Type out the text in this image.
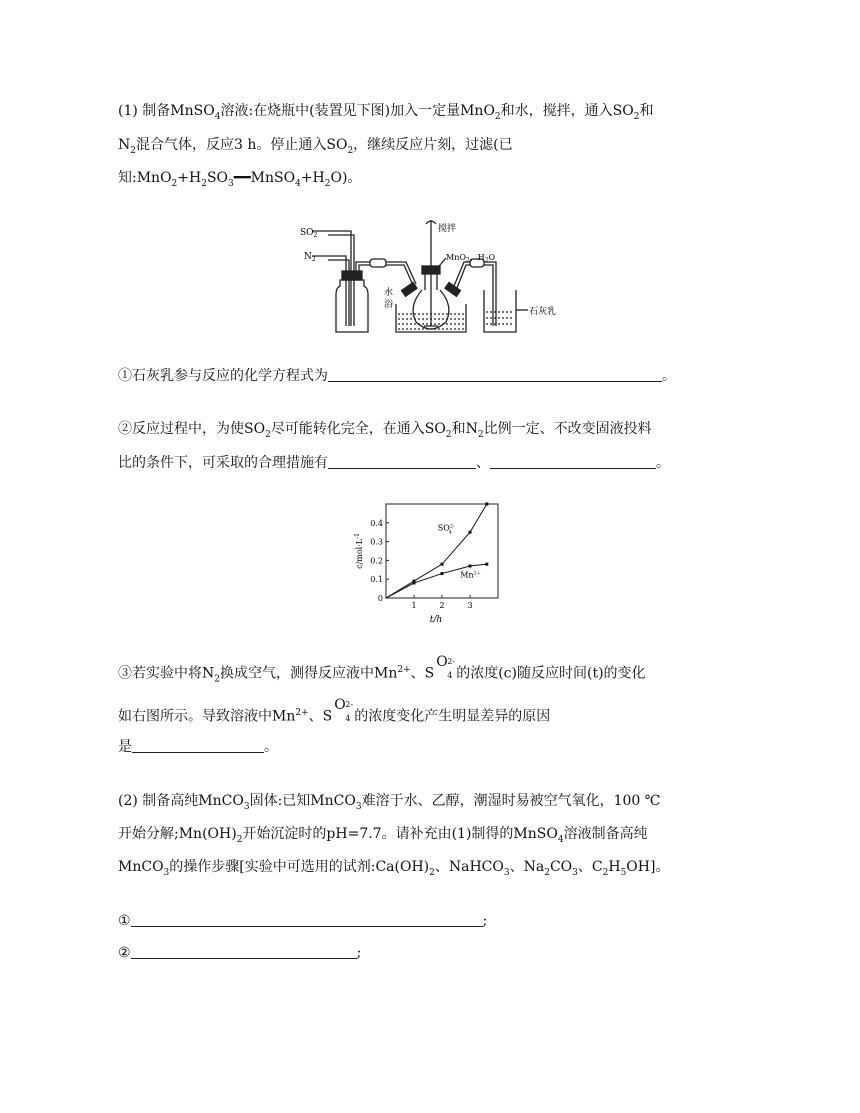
(1) 制备MnSO$_4$溶液:在烧瓶中(装置见下图)加入一定量MnO$_2$和水，搅拌，通入$SO_2$和
$N_2$混合气体，反应3 h。停止通入$SO_2$，继续反应片刻，过滤(已
知$:MnO_2+H_2SO_3━━MnSO_4+H_2O$)。
$SO_2$
$N_2$
搅拌
MnO$_2$、$H_2O$
水
浴
石灰乳
①石灰乳参与反应的化学方程式为	。
②反应过程中，为使$SO_2$尽可能转化完全，在通入$SO_2$和$N_2$比例一定、不改变固液投料
比的条件下，可采取的合理措施有	、	。
0
0.1
0.2
0.3
0.4
1	2	3
t/h
$c/mol\cdot L^{-1}$
$SO^{2-}4$
$Mn^{2+}$
③若实验中将$N_2$换成空气，测得反应液中$Mn^{2+}$、S
O 2-
4 的浓度(c)随反应时间(t)的变化
如右图所示。导致溶液中$Mn^{2+}$、S
O 2-
4 的浓度变化产生明显差异的原因
是	。
(2) 制备高纯MnCO$_3$固体:已知MnCO$_3$难溶于水、乙醇，潮湿时易被空气氧化，100 ℃
开始分解$;Mn(OH)_2$开始沉淀时的pH=7.7。请补充由(1)制得的MnSO$_4$溶液制备高纯
MnCO$_3$的操作步骤[实验中可选用的试剂$:Ca(OH)_2$、NaHCO$_3$、$Na_2CO_3$、$C_2H_5OH$]。
①	;
②	;
